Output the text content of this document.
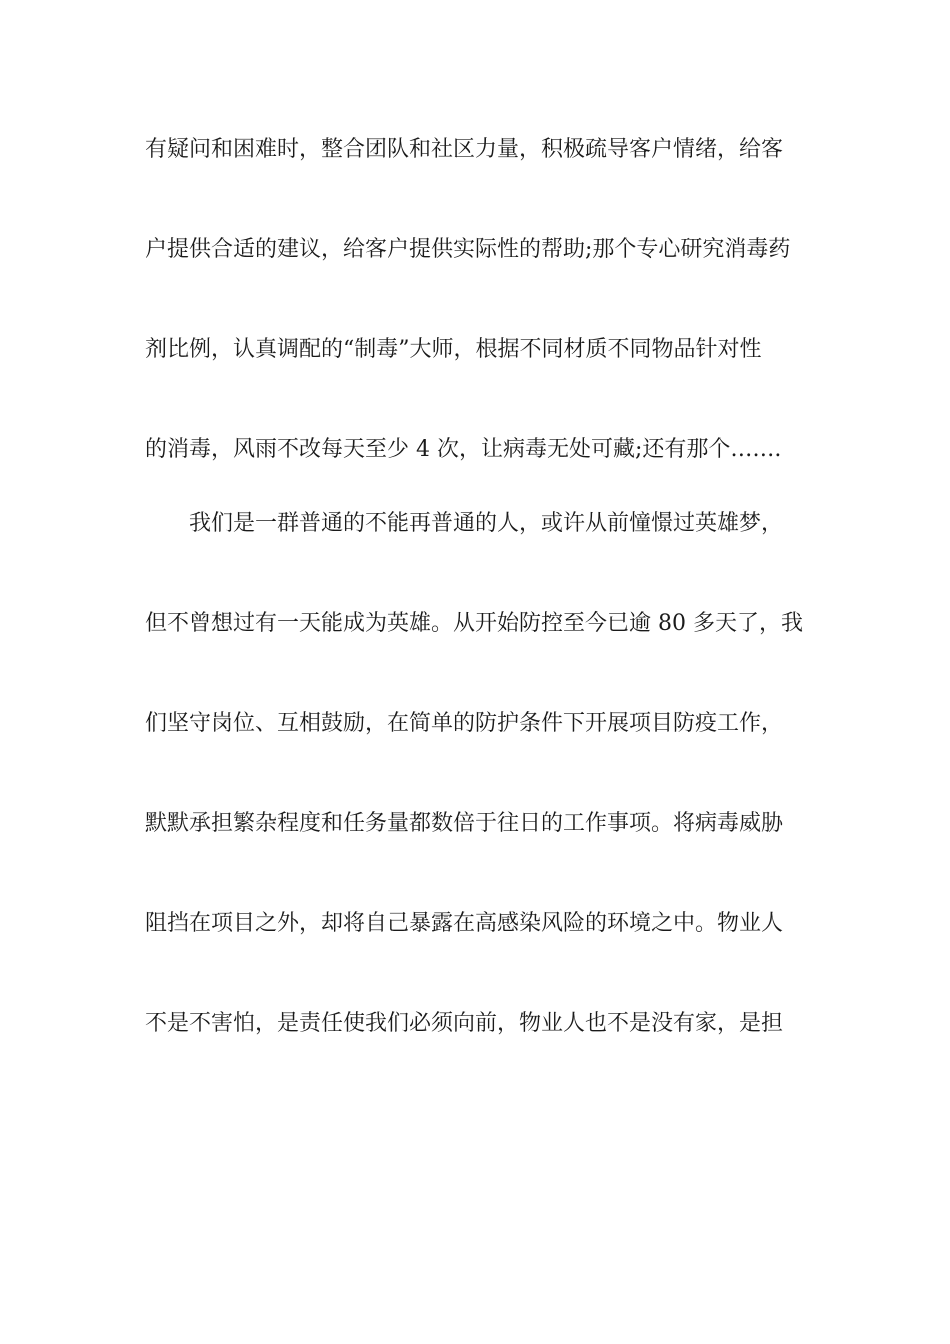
有疑问和困难时，整合团队和社区力量，积极疏导客户情绪，给客

户提供合适的建议，给客户提供实际性的帮助;那个专心研究消毒药

剂比例，认真调配的“制毒”大师，根据不同材质不同物品针对性

的消毒，风雨不改每天至少 4 次，让病毒无处可藏;还有那个…….

我们是一群普通的不能再普通的人，或许从前憧憬过英雄梦，

但不曾想过有一天能成为英雄。从开始防控至今已逾 80 多天了，我

们坚守岗位、互相鼓励，在简单的防护条件下开展项目防疫工作，

默默承担繁杂程度和任务量都数倍于往日的工作事项。将病毒威胁

阻挡在项目之外，却将自己暴露在高感染风险的环境之中。物业人

不是不害怕，是责任使我们必须向前，物业人也不是没有家，是担
